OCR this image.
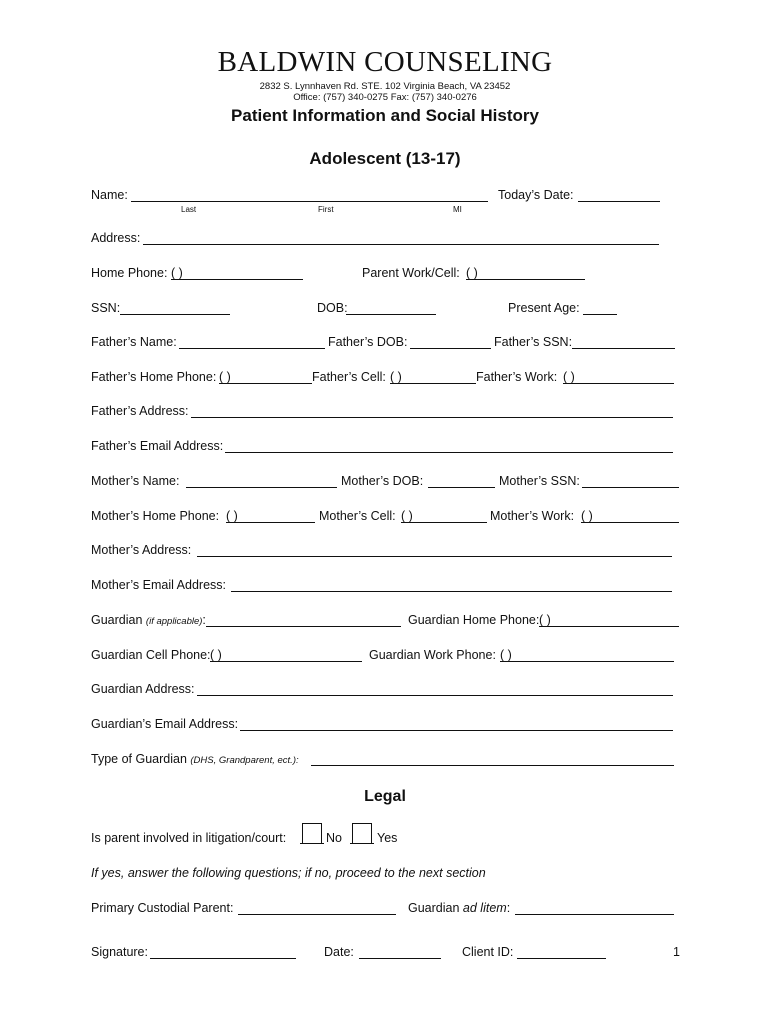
BALDWIN COUNSELING
2832 S. Lynnhaven Rd. STE. 102 Virginia Beach, VA 23452
Office: (757) 340-0275 Fax: (757) 340-0276
Patient Information and Social History
Adolescent (13-17)
Name:	Today’s Date:
Last	First	MI
Address:
Home Phone: ( )	Parent Work/Cell: ( )
SSN:	DOB:	Present Age:
Father’s Name:	Father’s DOB:	Father’s SSN:
Father’s Home Phone: ( )	Father’s Cell: ( )	Father’s Work: ( )
Father’s Address:
Father’s Email Address:
Mother’s Name:	Mother’s DOB:	Mother’s SSN:
Mother’s Home Phone: ( )	Mother’s Cell: ( )	Mother’s Work: ( )
Mother’s Address:
Mother’s Email Address:
Guardian (if applicable):	Guardian Home Phone: ( )
Guardian Cell Phone: ( )	Guardian Work Phone: ( )
Guardian Address:
Guardian’s Email Address:
Type of Guardian (DHS, Grandparent, ect.):
Legal
Is parent involved in litigation/court:	No	Yes
If yes, answer the following questions; if no, proceed to the next section
Primary Custodial Parent:	Guardian ad litem:
Signature:	Date:	Client ID:	1
